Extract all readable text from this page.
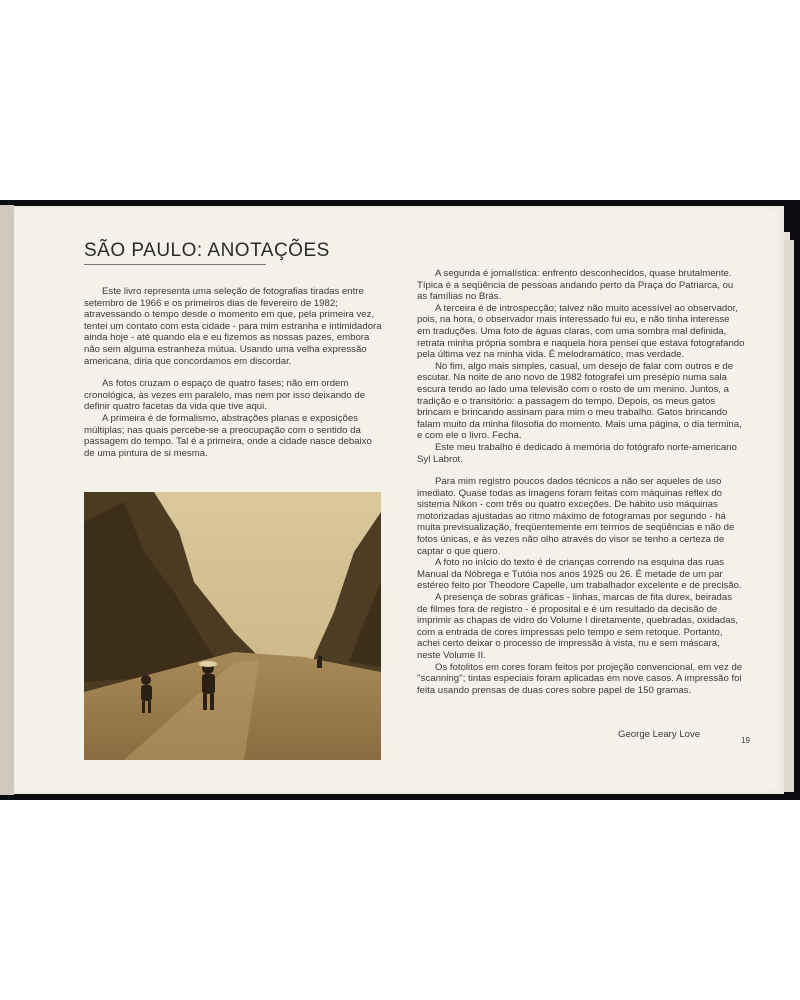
SÃO PAULO: ANOTAÇÕES

Este livro representa uma seleção de fotografias tiradas entre setembro de 1966 e os primeiros dias de fevereiro de 1982; atravessando o tempo desde o momento em que, pela primeira vez, tentei um contato com esta cidade - para mim estranha e intimidadora ainda hoje - até quando ela e eu fizemos as nossas pazes, embora não sem alguma estranheza mútua. Usando uma velha expressão americana, diria que concordamos em discordar.

As fotos cruzam o espaço de quatro fases; não em ordem cronológica, às vezes em paralelo, mas nem por isso deixando de definir quatro facetas da vida que tive aqui.

A primeira é de formalismo, abstrações planas e exposições múltiplas; nas quais percebe-se a preocupação com o sentido da passagem do tempo. Tal é a primeira, onde a cidade nasce debaixo de uma pintura de si mesma.

A segunda é jornalística: enfrento desconhecidos, quase brutalmente. Típica é a seqüência de pessoas andando perto da Praça do Patriarca, ou as famílias no Brás.

A terceira é de introspecção; talvez não muito acessível ao observador, pois, na hora, o observador mais interessado fui eu, e não tinha interesse em traduções. Uma foto de águas claras, com uma sombra mal definida, retrata minha própria sombra e naquela hora pensei que estava fotografando pela última vez na minha vida. É melodramático, mas verdade.

No fim, algo mais simples, casual, um desejo de falar com outros e de escutar. Na noite de ano novo de 1982 fotografei um presépio numa sala escura tendo ao lado uma televisão com o rosto de um menino. Juntos, a tradição e o transitório: a passagem do tempo. Depois, os meus gatos brincam e brincando assinam para mim o meu trabalho. Gatos brincando falam muito da minha filosofia do momento. Mais uma página, o dia termina, e com ele o livro. Fecha.

Este meu trabalho é dedicado à memória do fotógrafo norte-americano Syl Labrot.

Para mim registro poucos dados técnicos a não ser aqueles de uso imediato. Quase todas as imagens foram feitas com máquinas reflex do sistema Nikon - com três ou quatro exceções. De hábito uso máquinas motorizadas ajustadas ao ritmo máximo de fotogramas por segundo - há muita previsualização, freqüentemente em termos de seqüências e não de fotos únicas, e às vezes não olho através do visor se tenho a certeza de captar o que quero.

A foto no início do texto é de crianças correndo na esquina das ruas Manual da Nóbrega e Tutóia nos anos 1925 ou 26. É metade de um par estéreo feito por Theodore Capelle, um trabalhador excelente e de precisão.

A presença de sobras gráficas - linhas, marcas de fita durex, beiradas de filmes fora de registro - é proposital e é um resultado da decisão de imprimir as chapas de vidro do Volume I diretamente, quebradas, oxidadas, com a entrada de cores impressas pelo tempo e sem retoque. Portanto, achei certo deixar o processo de impressão à vista, nu e sem máscara, neste Volume II.

Os fotolitos em cores foram feitos por projeção convencional, em vez de ''scanning''; tintas especiais foram aplicadas em nove casos. A impressão foi feita usando prensas de duas cores sobre papel de 150 gramas.

George Leary Love
19
